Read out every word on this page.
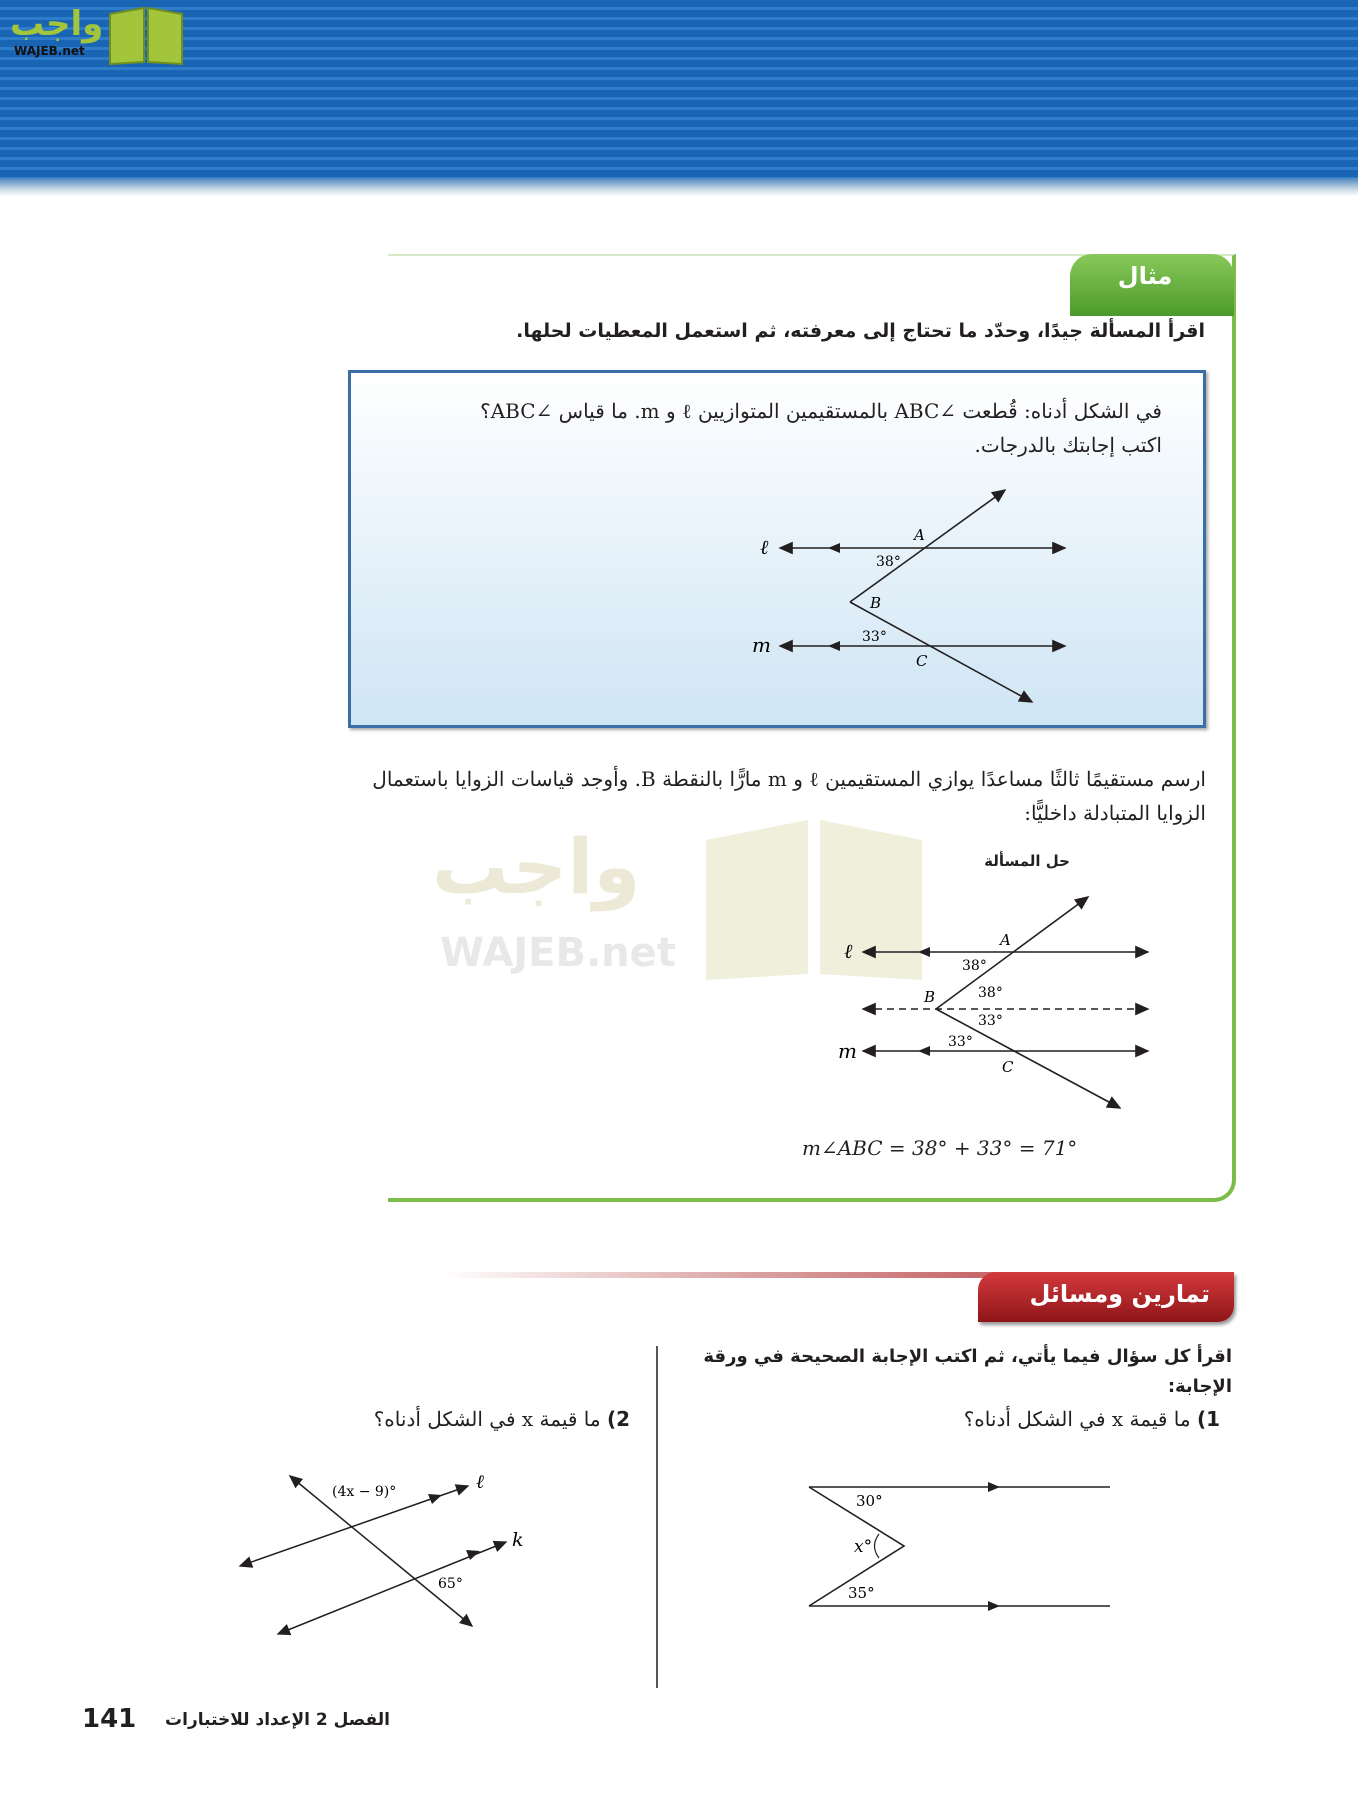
واجب
WAJEB.net
مثال
اقرأ المسألة جيدًا، وحدّد ما تحتاج إلى معرفته، ثم استعمل المعطيات لحلها.
في الشكل أدناه: قُطعت ∠ABC بالمستقيمين المتوازيين ℓ و m. ما قياس ∠ABC؟
اكتب إجابتك بالدرجات.
ℓ
m
A
B
C
38°
33°
ارسم مستقيمًا ثالثًا مساعدًا يوازي المستقيمين ℓ و m مارًّا بالنقطة B. وأوجد قياسات الزوايا باستعمال الزوايا المتبادلة داخليًّا:
واجب
WAJEB.net
حل المسألة
ℓ
m
A
B
C
38°
38°
33°
33°
m∠ABC = 38° + 33° = 71°
تمارين ومسائل
اقرأ كل سؤال فيما يأتي، ثم اكتب الإجابة الصحيحة في ورقة الإجابة:
1) ما قيمة x في الشكل أدناه؟
30°
x°
35°
2) ما قيمة x في الشكل أدناه؟
ℓ
k
(4x − 9)°
65°
141	الفصل 2 الإعداد للاختبارات
